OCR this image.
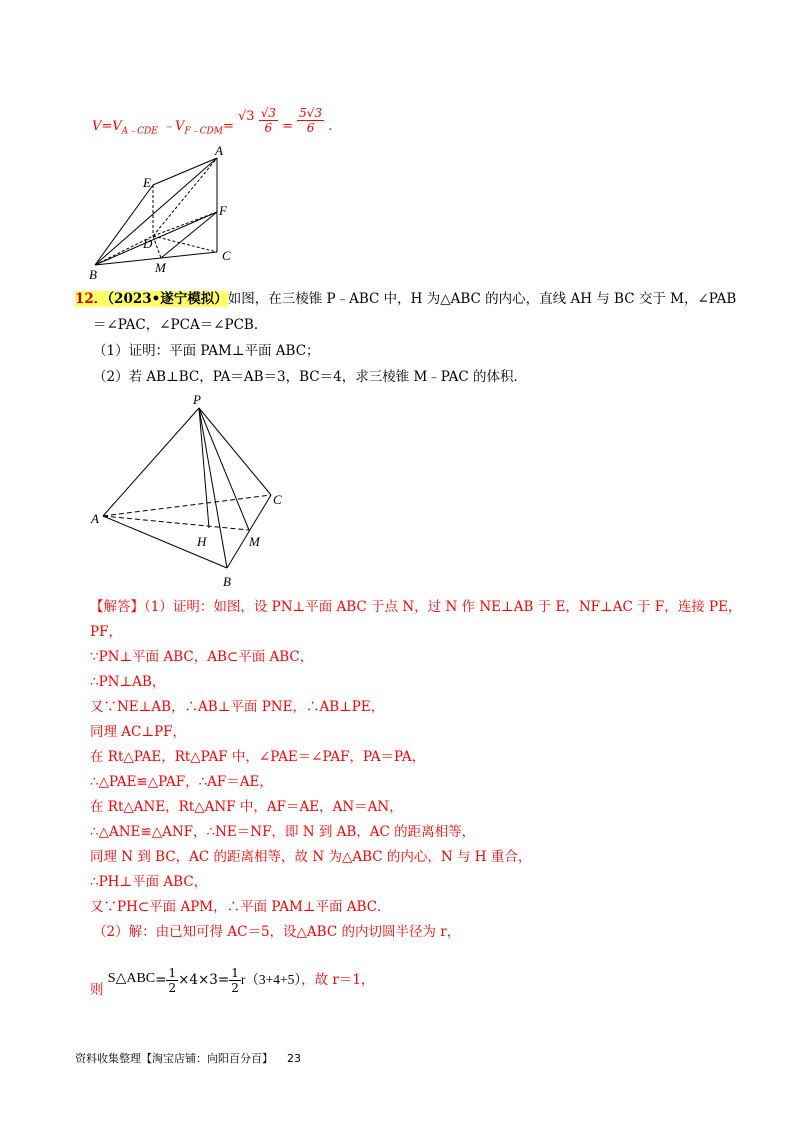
$V=V_{A﹣CDE}$ $﹣V_{F﹣CDM}= √3 \frac{√3}{6} = \frac{5√3}{6}$ .
A
E
F
D
C
B	M
12．（2023•遂宁模拟）如图，在三棱锥 P﹣ABC 中，H 为△ABC 的内心，直线 AH 与 BC 交于 M，∠PAB
＝∠PAC，∠PCA＝∠PCB．
（1）证明：平面 PAM⊥平面 ABC；
（2）若 AB⊥BC，PA＝AB＝3，BC＝4，求三棱锥 M﹣PAC 的体积．
P
A
C
H	M
B
【解答】（1）证明：如图，设 PN⊥平面 ABC 于点 N，过 N 作 NE⊥AB 于 E，NF⊥AC 于 F，连接 PE，
PF，
∵PN⊥平面 ABC，AB⊂平面 ABC，
∴PN⊥AB，
又∵NE⊥AB，∴AB⊥平面 PNE，∴AB⊥PE，
同理 AC⊥PF，
在 Rt△PAE，Rt△PAF 中，∠PAE＝∠PAF，PA＝PA，
∴△PAE≌△PAF，∴AF＝AE，
在 Rt△ANE，Rt△ANF 中，AF＝AE，AN＝AN，
∴△ANE≌△ANF，∴NE＝NF，即 N 到 AB，AC 的距离相等，
同理 N 到 BC，AC 的距离相等，故 N 为△ABC 的内心，N 与 H 重合，
∴PH⊥平面 ABC，
又∵PH⊂平面 APM，∴平面 PAM⊥平面 ABC．
（2）解：由已知可得 AC＝5，设△ABC 的内切圆半径为 r，
则 S△ABC= $\frac{1}{2} \times 4\times 3= \frac{1}{2} r(3+4+5)$，故 r＝1，
资料收集整理【淘宝店铺：向阳百分百】 23
